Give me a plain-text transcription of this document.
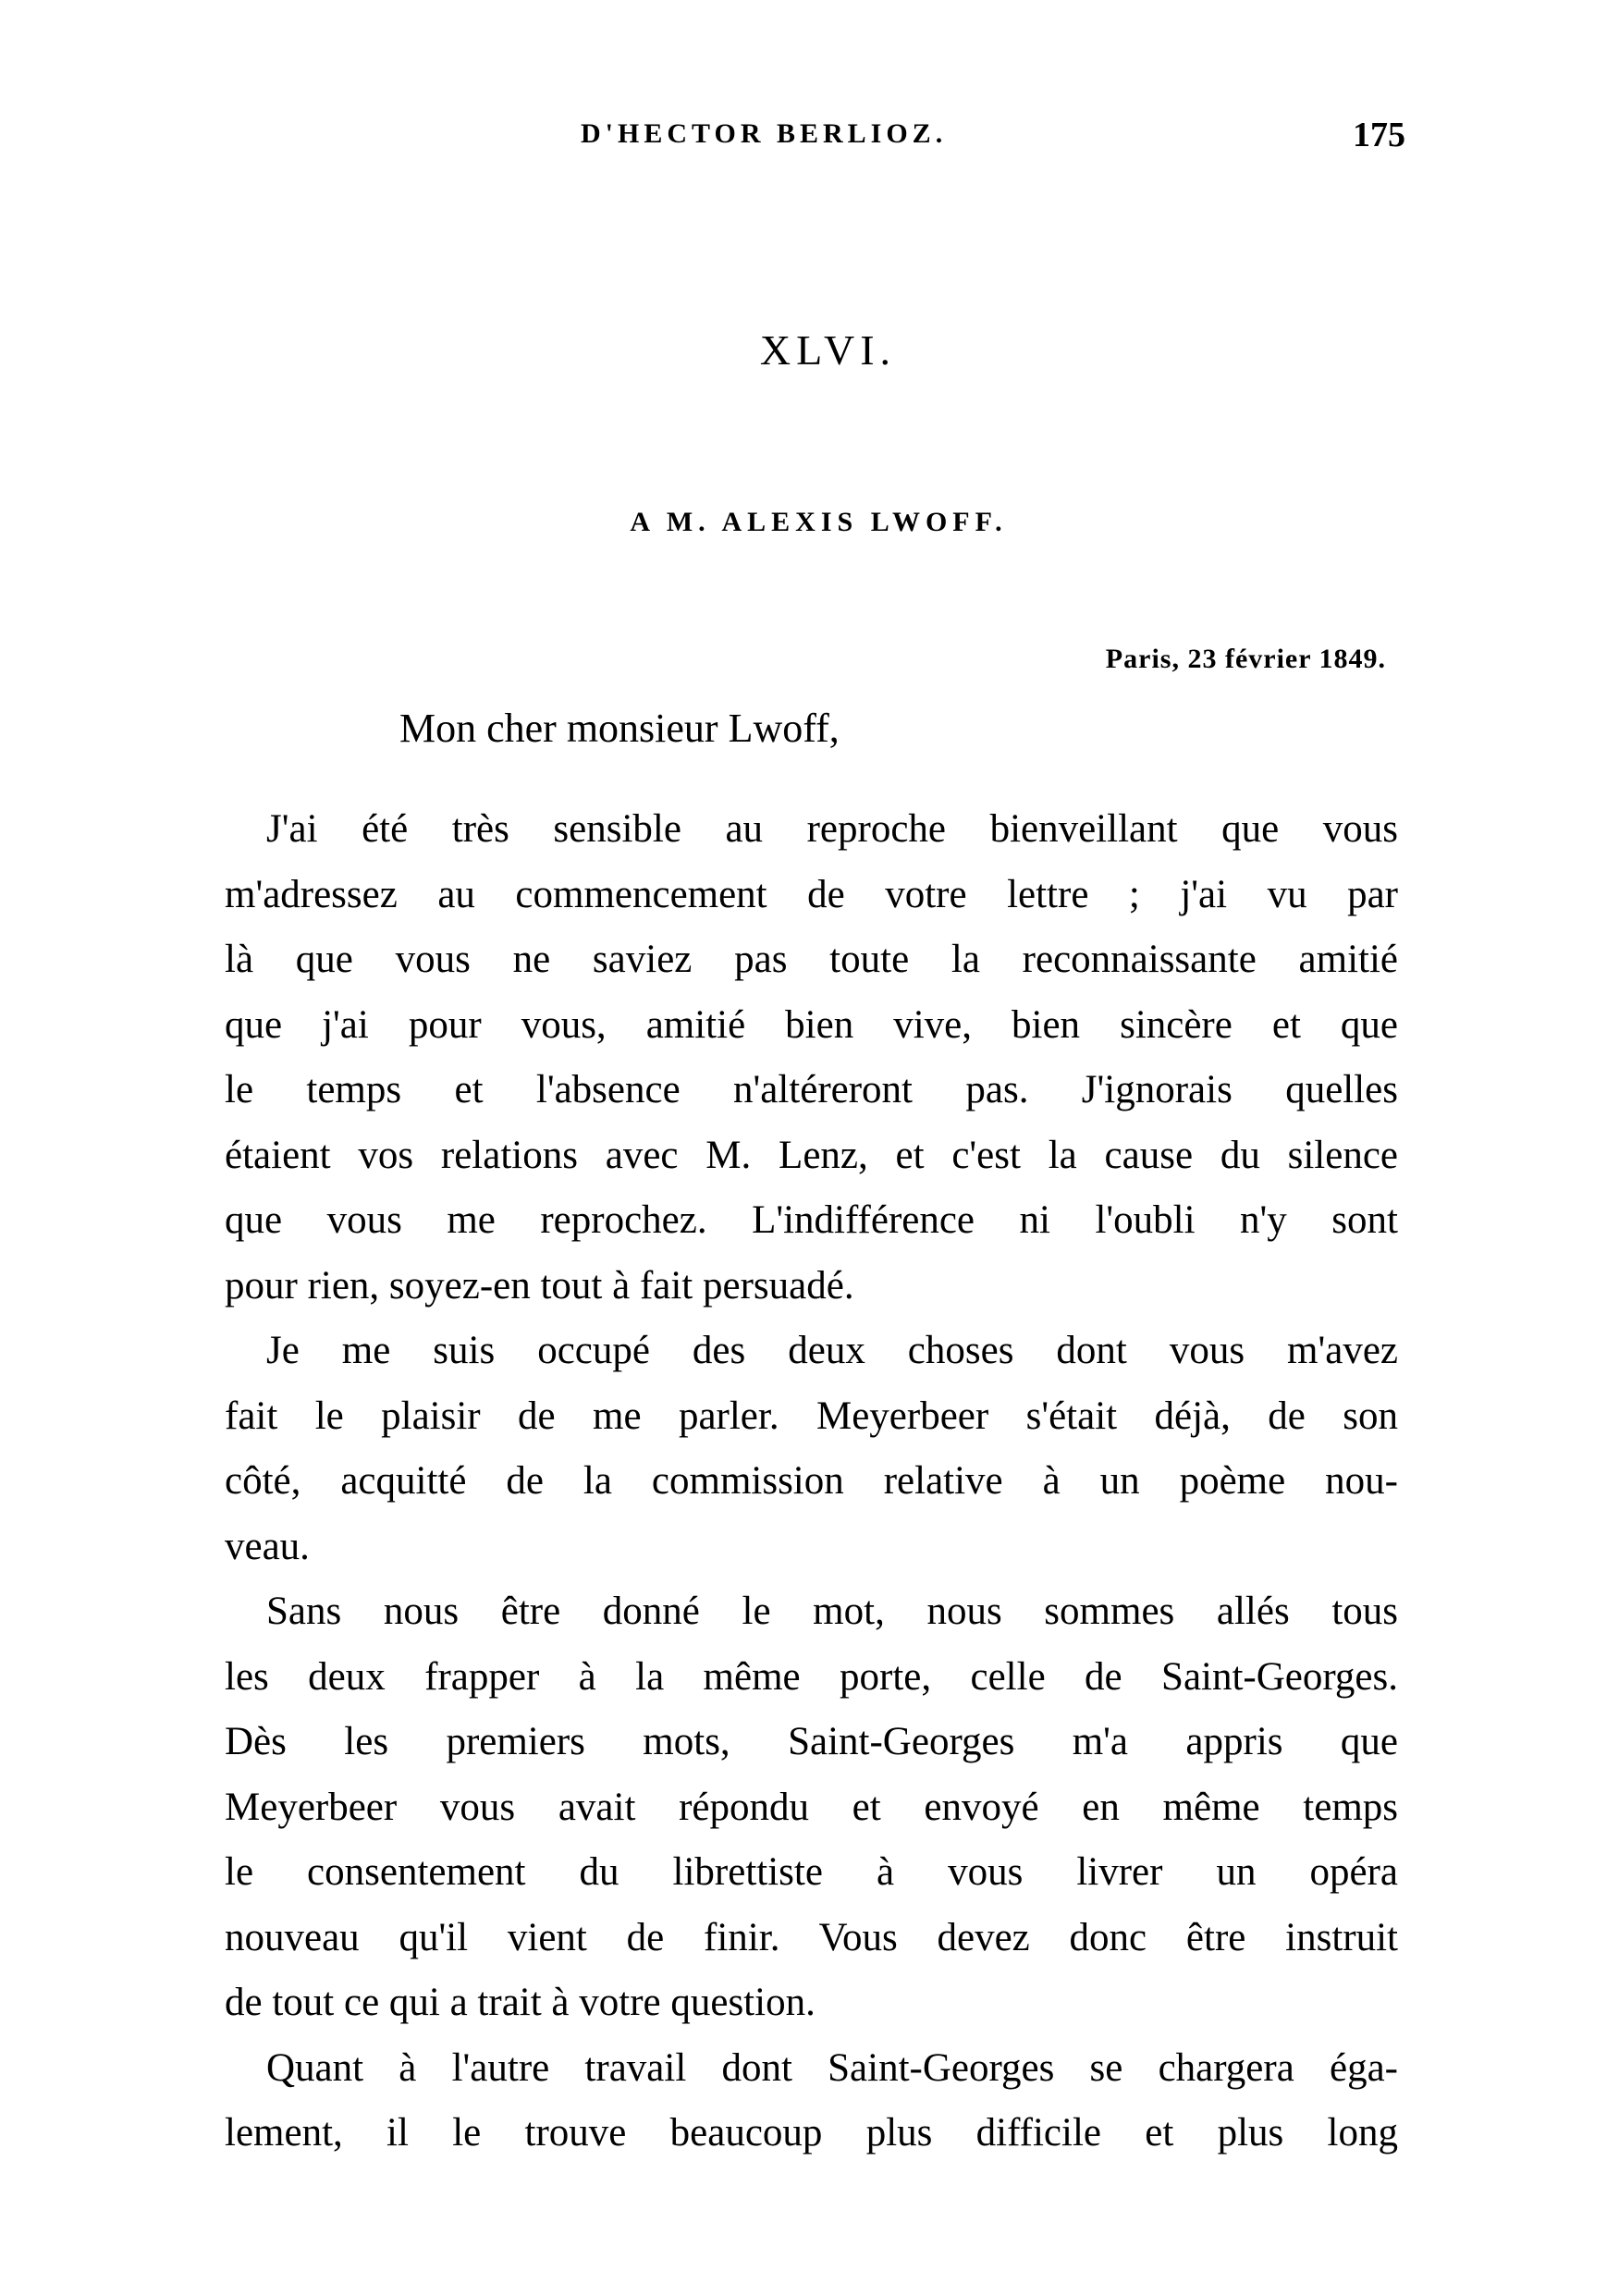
D'HECTOR BERLIOZ.	175
XLVI.
A M. ALEXIS LWOFF.
Paris, 23 février 1849.
Mon cher monsieur Lwoff,
J'ai été très sensible au reproche bienveillant que vous
m'adressez au commencement de votre lettre ; j'ai vu par
là que vous ne saviez pas toute la reconnaissante amitié
que j'ai pour vous, amitié bien vive, bien sincère et que
le temps et l'absence n'altéreront pas. J'ignorais quelles
étaient vos relations avec M. Lenz, et c'est la cause du silence
que vous me reprochez. L'indifférence ni l'oubli n'y sont
pour rien, soyez-en tout à fait persuadé.
Je me suis occupé des deux choses dont vous m'avez
fait le plaisir de me parler. Meyerbeer s'était déjà, de son
côté, acquitté de la commission relative à un poème nou-
veau.
Sans nous être donné le mot, nous sommes allés tous
les deux frapper à la même porte, celle de Saint-Georges.
Dès les premiers mots, Saint-Georges m'a appris que
Meyerbeer vous avait répondu et envoyé en même temps
le consentement du librettiste à vous livrer un opéra
nouveau qu'il vient de finir. Vous devez donc être instruit
de tout ce qui a trait à votre question.
Quant à l'autre travail dont Saint-Georges se chargera éga-
lement, il le trouve beaucoup plus difficile et plus long
